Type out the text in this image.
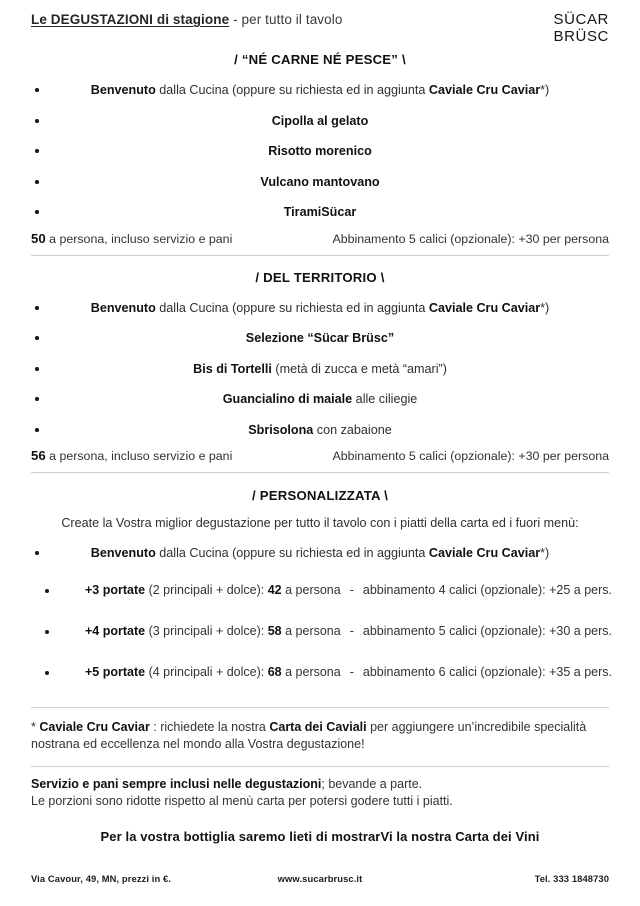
Le DEGUSTAZIONI di stagione - per tutto il tavolo	SÜCAR
BRÜSC
/ “NÉ CARNE NÉ PESCE” \
Benvenuto dalla Cucina (oppure su richiesta ed in aggiunta Caviale Cru Caviar*)
Cipolla al gelato
Risotto morenico
Vulcano mantovano
TiramiSücar
50 a persona, incluso servizio e pani	Abbinamento 5 calici (opzionale): +30 per persona
/ DEL TERRITORIO \
Benvenuto dalla Cucina (oppure su richiesta ed in aggiunta Caviale Cru Caviar*)
Selezione “Sücar Brüsc”
Bis di Tortelli (metà di zucca e metà “amari”)
Guancialino di maiale alle ciliegie
Sbrisolona con zabaione
56 a persona, incluso servizio e pani	Abbinamento 5 calici (opzionale): +30 per persona
/ PERSONALIZZATA \
Create la Vostra miglior degustazione per tutto il tavolo con i piatti della carta ed i fuori menù:
Benvenuto dalla Cucina (oppure su richiesta ed in aggiunta Caviale Cru Caviar*)
+3 portate (2 principali + dolce): 42 a persona - abbinamento 4 calici (opzionale): +25 a pers.
+4 portate (3 principali + dolce): 58 a persona - abbinamento 5 calici (opzionale): +30 a pers.
+5 portate (4 principali + dolce): 68 a persona - abbinamento 6 calici (opzionale): +35 a pers.
* Caviale Cru Caviar : richiedete la nostra Carta dei Caviali per aggiungere un’incredibile specialità nostrana ed eccellenza nel mondo alla Vostra degustazione!
Servizio e pani sempre inclusi nelle degustazioni; bevande a parte.
Le porzioni sono ridotte rispetto al menù carta per potersi godere tutti i piatti.
Per la vostra bottiglia saremo lieti di mostrarVi la nostra Carta dei Vini
Via Cavour, 49, MN, prezzi in €.	www.sucarbrusc.it	Tel. 333 1848730
